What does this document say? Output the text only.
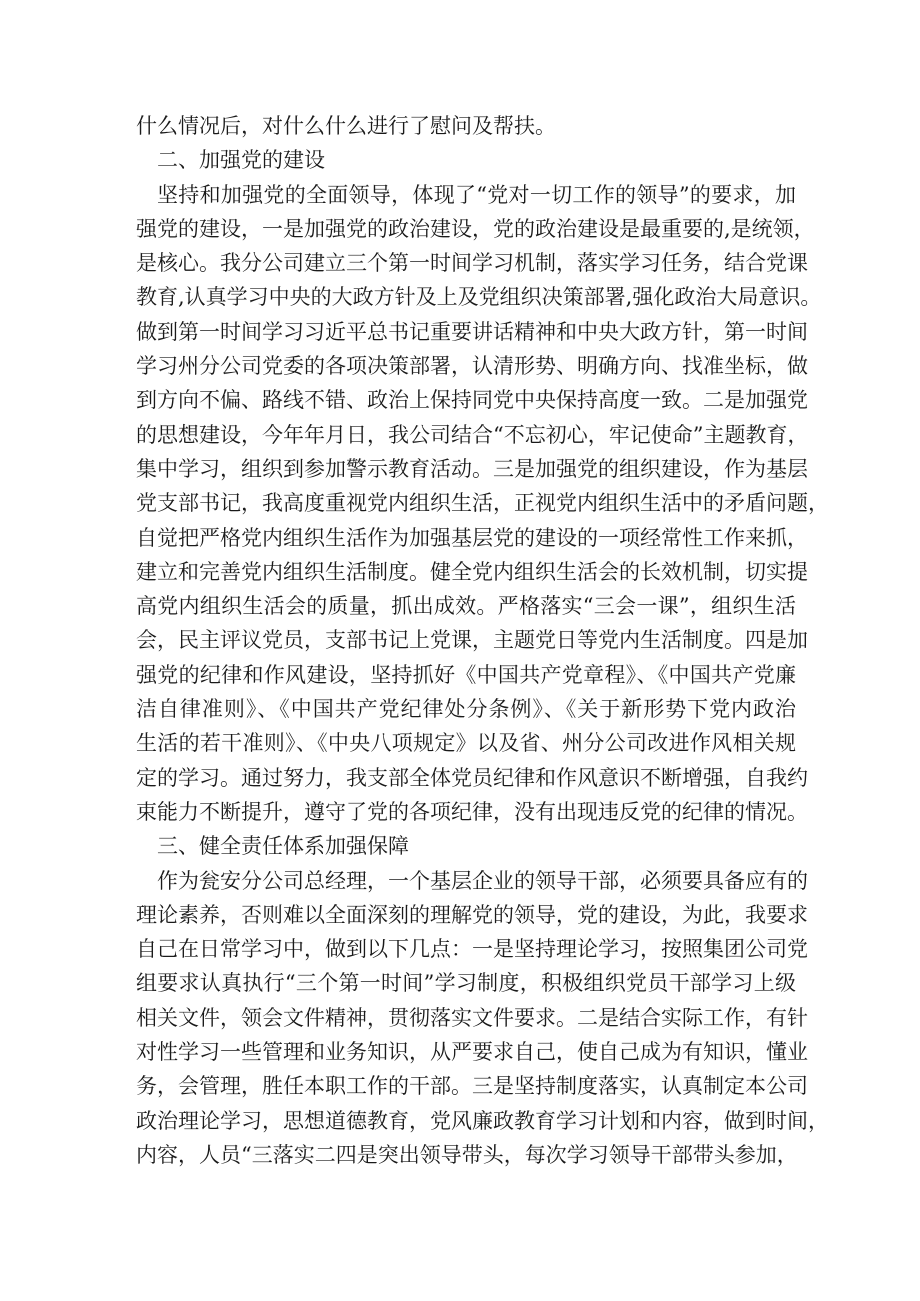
什么情况后，对什么什么进行了慰问及帮扶。
二、加强党的建设
坚持和加强党的全面领导，体现了“党对一切工作的领导”的要求，加
强党的建设，一是加强党的政治建设，党的政治建设是最重要的,是统领，
是核心。我分公司建立三个第一时间学习机制，落实学习任务，结合党课
教育,认真学习中央的大政方针及上及党组织决策部署,强化政治大局意识。
做到第一时间学习习近平总书记重要讲话精神和中央大政方针，第一时间
学习州分公司党委的各项决策部署，认清形势、明确方向、找准坐标，做
到方向不偏、路线不错、政治上保持同党中央保持高度一致。二是加强党
的思想建设，今年年月日，我公司结合“不忘初心，牢记使命”主题教育，
集中学习，组织到参加警示教育活动。三是加强党的组织建设，作为基层
党支部书记，我高度重视党内组织生活，正视党内组织生活中的矛盾问题，
自觉把严格党内组织生活作为加强基层党的建设的一项经常性工作来抓，
建立和完善党内组织生活制度。健全党内组织生活会的长效机制，切实提
高党内组织生活会的质量，抓出成效。严格落实“三会一课”，组织生活
会，民主评议党员，支部书记上党课，主题党日等党内生活制度。四是加
强党的纪律和作风建设，坚持抓好《中国共产党章程》、《中国共产党廉
洁自律准则》、《中国共产党纪律处分条例》、《关于新形势下党内政治
生活的若干准则》、《中央八项规定》以及省、州分公司改进作风相关规
定的学习。通过努力，我支部全体党员纪律和作风意识不断增强，自我约
束能力不断提升，遵守了党的各项纪律，没有出现违反党的纪律的情况。
三、健全责任体系加强保障
作为瓮安分公司总经理，一个基层企业的领导干部，必须要具备应有的
理论素养，否则难以全面深刻的理解党的领导，党的建设，为此，我要求
自己在日常学习中，做到以下几点：一是坚持理论学习，按照集团公司党
组要求认真执行“三个第一时间”学习制度，积极组织党员干部学习上级
相关文件，领会文件精神，贯彻落实文件要求。二是结合实际工作，有针
对性学习一些管理和业务知识，从严要求自己，使自己成为有知识，懂业
务，会管理，胜任本职工作的干部。三是坚持制度落实，认真制定本公司
政治理论学习，思想道德教育，党风廉政教育学习计划和内容，做到时间，
内容，人员“三落实二四是突出领导带头，每次学习领导干部带头参加，
